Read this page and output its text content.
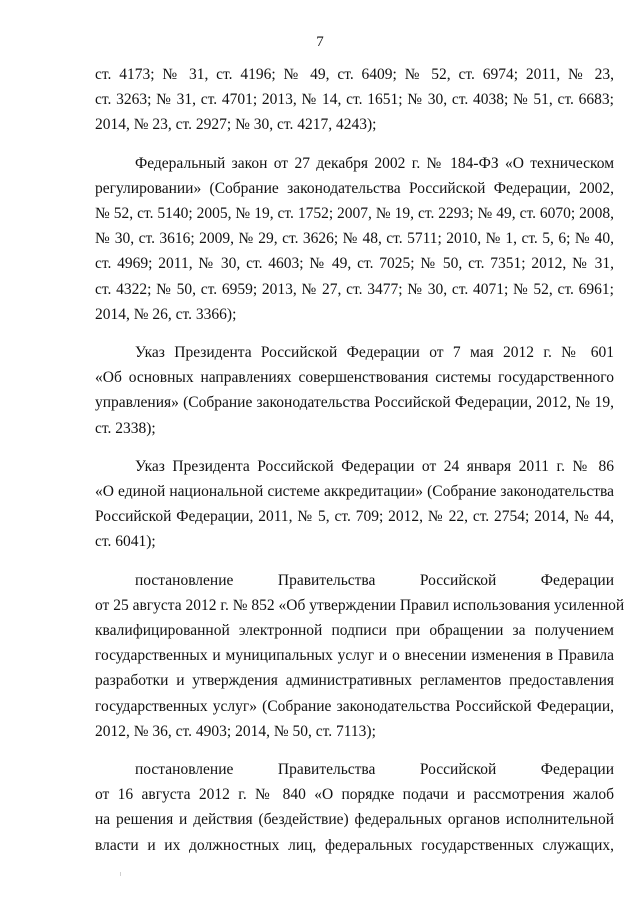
7
ст. 4173; № 31, ст. 4196; № 49, ст. 6409; № 52, ст. 6974; 2011, № 23,
ст. 3263; № 31, ст. 4701; 2013, № 14, ст. 1651; № 30, ст. 4038; № 51, ст. 6683;
2014, № 23, ст. 2927; № 30, ст. 4217, 4243);
Федеральный закон от 27 декабря 2002 г. № 184-ФЗ «О техническом
регулировании» (Собрание законодательства Российской Федерации, 2002,
№ 52, ст. 5140; 2005, № 19, ст. 1752; 2007, № 19, ст. 2293; № 49, ст. 6070; 2008,
№ 30, ст. 3616; 2009, № 29, ст. 3626; № 48, ст. 5711; 2010, № 1, ст. 5, 6; № 40,
ст. 4969; 2011, № 30, ст. 4603; № 49, ст. 7025; № 50, ст. 7351; 2012, № 31,
ст. 4322; № 50, ст. 6959; 2013, № 27, ст. 3477; № 30, ст. 4071; № 52, ст. 6961;
2014, № 26, ст. 3366);
Указ Президента Российской Федерации от 7 мая 2012 г. № 601
«Об основных направлениях совершенствования системы государственного
управления» (Собрание законодательства Российской Федерации, 2012, № 19,
ст. 2338);
Указ Президента Российской Федерации от 24 января 2011 г. № 86
«О единой национальной системе аккредитации» (Собрание законодательства
Российской Федерации, 2011, № 5, ст. 709; 2012, № 22, ст. 2754; 2014, № 44,
ст. 6041);
постановление Правительства Российской Федерации
от 25 августа 2012 г. № 852 «Об утверждении Правил использования усиленной
квалифицированной электронной подписи при обращении за получением
государственных и муниципальных услуг и о внесении изменения в Правила
разработки и утверждения административных регламентов предоставления
государственных услуг» (Собрание законодательства Российской Федерации,
2012, № 36, ст. 4903; 2014, № 50, ст. 7113);
постановление Правительства Российской Федерации
от 16 августа 2012 г. № 840 «О порядке подачи и рассмотрения жалоб
на решения и действия (бездействие) федеральных органов исполнительной
власти и их должностных лиц, федеральных государственных служащих,
